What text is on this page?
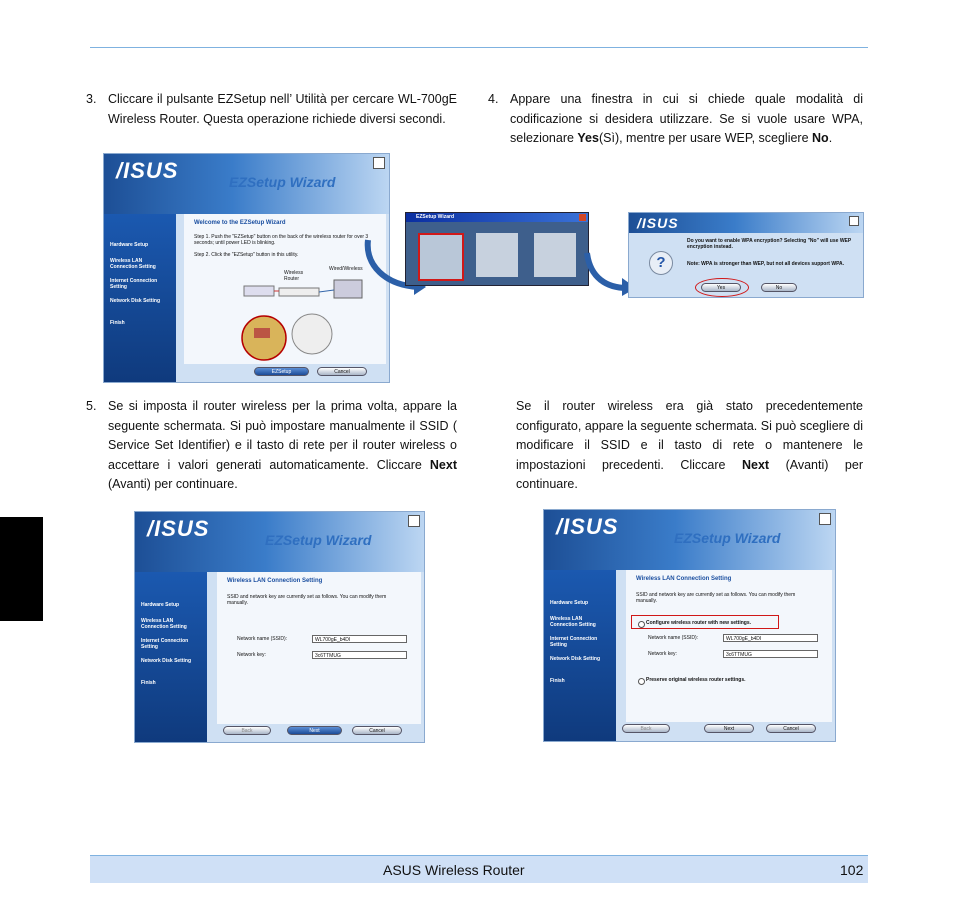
3. Cliccare il pulsante EZSetup nell’ Utilità per cercare WL-700gE Wireless Router. Questa operazione richiede diversi secondi.
4. Appare una finestra in cui si chiede quale modalità di codificazione si desidera utilizzare. Se si vuole usare WPA, selezionare Yes(Sì), mentre per usare WEP, scegliere No.
/ISUS	EZSetup Wizard
Hardware Setup
Wireless LAN Connection Setting
Internet Connection Setting
Network Disk Setting
Finish
Welcome to the EZSetup Wizard
Step 1. Push the "EZSetup" button on the back of the wireless router for over 3 seconds; until power LED is blinking.
Step 2. Click the "EZSetup" button in this utility.
Wireless Router
Wired/Wireless
EZSetup	Cancel
EZSetup Wizard	/ISUS
?
Do you want to enable WPA encryption? Selecting "No" will use WEP encryption instead.
Note: WPA is stronger than WEP, but not all devices support WPA.
Yes	No
5. Se si imposta il router wireless per la prima volta, appare la seguente schermata. Si può impostare manualmente il SSID ( Service Set Identifier) e il tasto di rete per il router wireless o accettare i valori generati automaticamente. Cliccare Next (Avanti) per continuare.
Se il router wireless era già stato precedentemente configurato, appare la seguente schermata. Si può scegliere di modificare il SSID e il tasto di rete o mantenere le impostazioni precedenti. Cliccare Next (Avanti) per continuare.
/ISUS	EZSetup Wizard
Hardware Setup
Wireless LAN Connection Setting
Internet Connection Setting
Network Disk Setting
Finish
Wireless LAN Connection Setting
SSID and network key are currently set as follows. You can modify them manually.
Network name (SSID):	WL700gE_b4DI
Network key:	3c6TTMUG
Back	Next	Cancel
/ISUS	EZSetup Wizard
Hardware Setup
Wireless LAN Connection Setting
Internet Connection Setting
Network Disk Setting
Finish
Wireless LAN Connection Setting
SSID and network key are currently set as follows. You can modify them manually.
Configure wireless router with new settings.
Network name (SSID):	WL700gE_b4DI
Network key:	3c6TTMUG
Preserve original wireless router settings.
Back	Next	Cancel
ASUS Wireless Router	102
